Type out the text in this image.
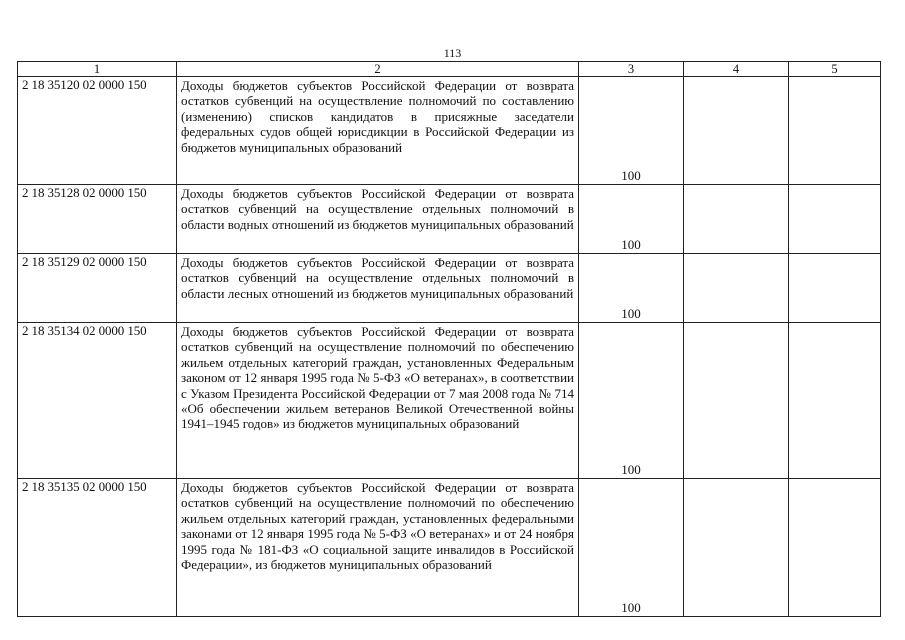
113
1	2	3	4	5
2 18 35120 02 0000 150	Доходы бюджетов субъектов Российской Федерации от возврата остатков субвенций на осуществление полномочий по составлению (изменению) списков кандидатов в присяжные заседатели федеральных судов общей юрисдикции в Российской Федерации из бюджетов муниципальных образований	100		
2 18 35128 02 0000 150	Доходы бюджетов субъектов Российской Федерации от возврата остатков субвенций на осуществление отдельных полномочий в области водных отношений из бюджетов муниципальных образований	100		
2 18 35129 02 0000 150	Доходы бюджетов субъектов Российской Федерации от возврата остатков субвенций на осуществление отдельных полномочий в области лесных отношений из бюджетов муниципальных образований	100		
2 18 35134 02 0000 150	Доходы бюджетов субъектов Российской Федерации от возврата остатков субвенций на осуществление полномочий по обеспечению жильем отдельных категорий граждан, установленных Федеральным законом от 12 января 1995 года № 5-ФЗ «О ветеранах», в соответствии с Указом Президента Российской Федерации от 7 мая 2008 года № 714 «Об обеспечении жильем ветеранов Великой Отечественной войны 1941–1945 годов» из бюджетов муниципальных образований	100		
2 18 35135 02 0000 150	Доходы бюджетов субъектов Российской Федерации от возврата остатков субвенций на осуществление полномочий по обеспечению жильем отдельных категорий граждан, установленных федеральными законами от 12 января 1995 года № 5-ФЗ «О ветеранах» и от 24 ноября 1995 года № 181-ФЗ «О социальной защите инвалидов в Российской Федерации», из бюджетов муниципальных образований	100		
